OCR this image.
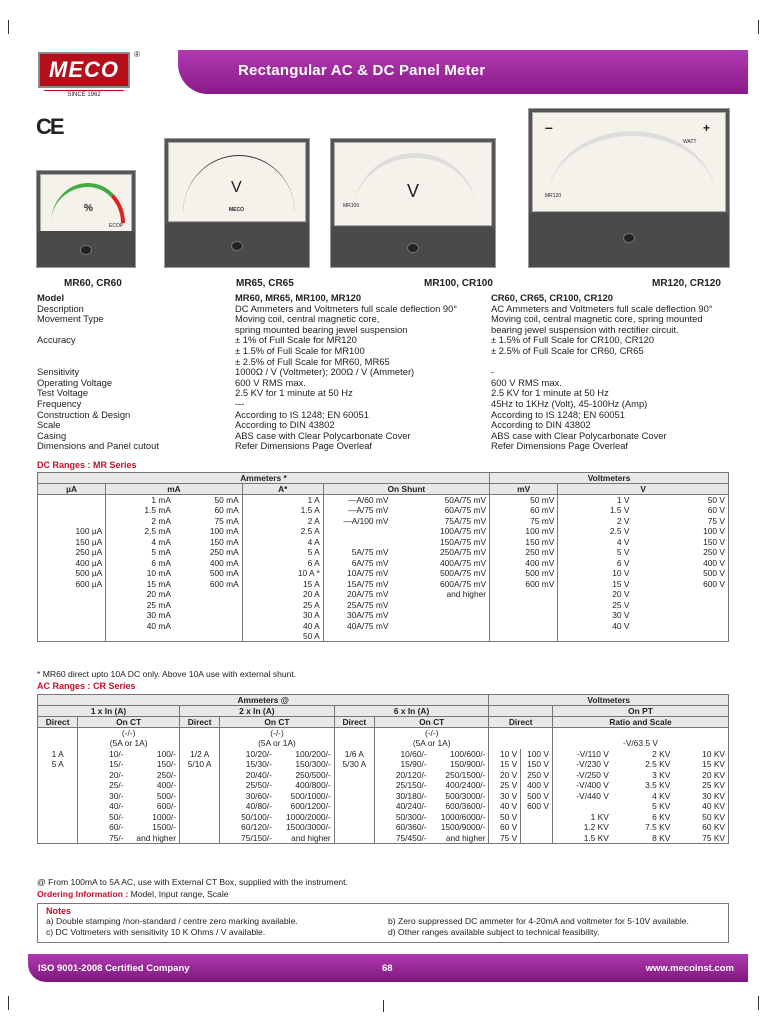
Rectangular AC & DC Panel Meter
MECO
®
SINCE 1962
CE
%
ECOP
V
MECO
V
MR100
–	+
WATT
MR120
MR60, CR60	MR65, CR65	MR100, CR100	MR120, CR120
Model	MR60, MR65, MR100, MR120	CR60, CR65, CR100, CR120
Description	DC Ammeters and Voltmeters full scale deflection 90°	AC Ammeters and Voltmeters full scale deflection 90°
Movement Type	Moving coil, central magnetic core,	Moving coil, central magnetic core, spring mounted
spring mounted bearing jewel suspension	bearing jewel suspension with rectifier circuit.
Accuracy	± 1% of Full Scale for MR120	± 1.5% of Full Scale for CR100, CR120
± 1.5% of Full Scale for MR100	± 2.5% of Full Scale for CR60, CR65
± 2.5% of Full Scale for MR60, MR65
Sensitivity	1000Ω / V (Voltmeter); 200Ω / V (Ammeter)	-
Operating Voltage	600 V RMS max.	600 V RMS max.
Test Voltage	2.5 KV for 1 minute at 50 Hz	2.5 KV for 1 minute at 50 Hz
Frequency	---	45Hz to 1KHz (Volt), 45-100Hz (Amp)
Construction & Design	According to IS 1248; EN 60051	According to IS 1248; EN 60051
Scale	According to DIN 43802	According to DIN 43802
Casing	ABS case with Clear Polycarbonate Cover	ABS case with Clear Polycarbonate Cover
Dimensions and Panel cutout	Refer Dimensions Page Overleaf	Refer Dimensions Page Overleaf
DC Ranges : MR Series
Ammeters *						Voltmeters		
µA	mA		A*	On Shunt		mV	V	
	1 mA	50 mA	1 A	—A/60 mV	50A/75 mV	50 mV	1 V	50 V
	1.5 mA	60 mA	1.5 A	—A/75 mV	60A/75 mV	60 mV	1.5 V	60 V
	2 mA	75 mA	2 A	—A/100 mV	75A/75 mV	75 mV	2 V	75 V
100 µA	2.5 mA	100 mA	2.5 A		100A/75 mV	100 mV	2.5 V	100 V
150 µA	4 mA	150 mA	4 A		150A/75 mV	150 mV	4 V	150 V
250 µA	5 mA	250 mA	5 A	5A/75 mV	250A/75 mV	250 mV	5 V	250 V
400 µA	6 mA	400 mA	6 A	6A/75 mV	400A/75 mV	400 mV	6 V	400 V
500 µA	10 mA	500 mA	10 A *	10A/75 mV	500A/75 mV	500 mV	10 V	500 V
600 µA	15 mA	600 mA	15 A	15A/75 mV	600A/75 mV	600 mV	15 V	600 V
	20 mA		20 A	20A/75 mV	and higher		20 V	
	25 mA		25 A	25A/75 mV			25 V	
	30 mA		30 A	30A/75 mV			30 V	
	40 mA		40 A	40A/75 mV			40 V	
			50 A					
* MR60 direct upto 10A DC only. Above 10A use with external shunt.
AC Ranges : CR Series
Ammeters @									Voltmeters				
1 x In (A)			2 x In (A)			6 x In (A)					On PT		
Direct	On CT		Direct	On CT		Direct	On CT		Direct		Ratio and Scale		
	(-/-)			(-/-)			(-/-)						
	(5A or 1A)			(5A or 1A)			(5A or 1A)				-V/63.5 V		
1 A	10/-	100/-	1/2 A	10/20/-	100/200/-	1/6 A	10/60/-	100/600/-	10 V	100 V	-V/110 V	2 KV	10 KV
5 A	15/-	150/-	5/10 A	15/30/-	150/300/-	5/30 A	15/90/-	150/900/-	15 V	150 V	-V/230 V	2.5 KV	15 KV
	20/-	250/-		20/40/-	250/500/-		20/120/-	250/1500/-	20 V	250 V	-V/250 V	3 KV	20 KV
	25/-	400/-		25/50/-	400/800/-		25/150/-	400/2400/-	25 V	400 V	-V/400 V	3.5 KV	25 KV
	30/-	500/-		30/60/-	500/1000/-		30/180/-	500/3000/-	30 V	500 V	-V/440 V	4 KV	30 KV
	40/-	600/-		40/80/-	600/1200/-		40/240/-	600/3600/-	40 V	600 V		5 KV	40 KV
	50/-	1000/-		50/100/-	1000/2000/-		50/300/-	1000/6000/-	50 V		1 KV	6 KV	50 KV
	60/-	1500/-		60/120/-	1500/3000/-		60/360/-	1500/9000/-	60 V		1.2 KV	7.5 KV	60 KV
	75/-	and higher		75/150/-	and higher		75/450/-	and higher	75 V		1.5 KV	8 KV	75 KV
@ From 100mA to 5A AC, use with External CT Box, supplied with the instrument.
Ordering Information : Model, Input range, Scale
Notes
a) Double stamping /non-standard / centre zero marking available.	b) Zero suppressed DC ammeter for 4-20mA and voltmeter for 5-10V available.
c) DC Voltmeters with sensitivity 10 K Ohms / V available.	d) Other ranges available subject to technical feasibility.
ISO 9001-2008 Certified Company	68	www.mecoinst.com
